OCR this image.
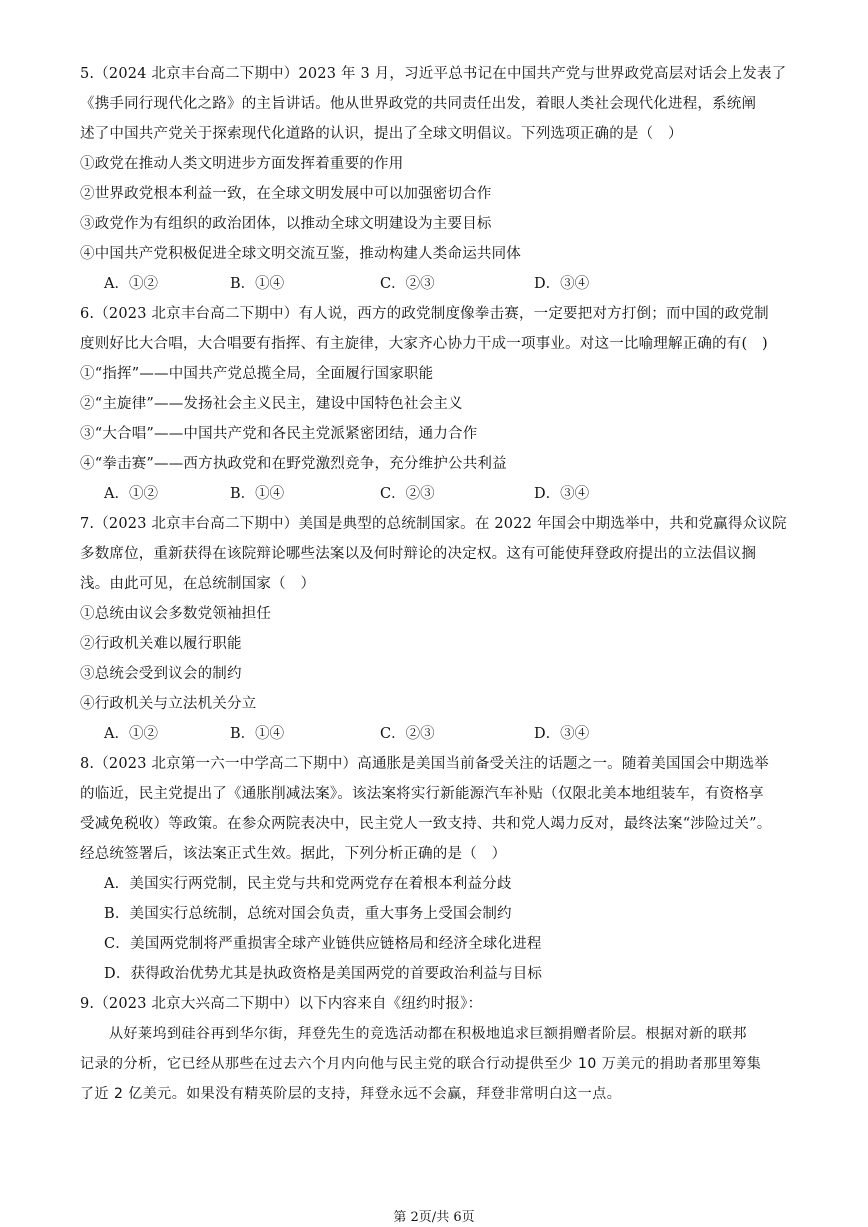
5.（2024 北京丰台高二下期中）2023 年 3 月，习近平总书记在中国共产党与世界政党高层对话会上发表了
《携手同行现代化之路》的主旨讲话。他从世界政党的共同责任出发，着眼人类社会现代化进程，系统阐
述了中国共产党关于探索现代化道路的认识，提出了全球文明倡议。下列选项正确的是（　）
①政党在推动人类文明进步方面发挥着重要的作用
②世界政党根本利益一致，在全球文明发展中可以加强密切合作
③政党作为有组织的政治团体，以推动全球文明建设为主要目标
④中国共产党积极促进全球文明交流互鉴，推动构建人类命运共同体
A．①②	B．①④	C．②③	D．③④
6.（2023 北京丰台高二下期中）有人说，西方的政党制度像拳击赛，一定要把对方打倒；而中国的政党制
度则好比大合唱，大合唱要有指挥、有主旋律，大家齐心协力干成一项事业。对这一比喻理解正确的有(　)
①“指挥”——中国共产党总揽全局，全面履行国家职能
②“主旋律”——发扬社会主义民主，建设中国特色社会主义
③“大合唱”——中国共产党和各民主党派紧密团结，通力合作
④“拳击赛”——西方执政党和在野党激烈竞争，充分维护公共利益
A．①②	B．①④	C．②③	D．③④
7.（2023 北京丰台高二下期中）美国是典型的总统制国家。在 2022 年国会中期选举中，共和党赢得众议院
多数席位，重新获得在该院辩论哪些法案以及何时辩论的决定权。这有可能使拜登政府提出的立法倡议搁
浅。由此可见，在总统制国家（　）
①总统由议会多数党领袖担任
②行政机关难以履行职能
③总统会受到议会的制约
④行政机关与立法机关分立
A．①②	B．①④	C．②③	D．③④
8.（2023 北京第一六一中学高二下期中）高通胀是美国当前备受关注的话题之一。随着美国国会中期选举
的临近，民主党提出了《通胀削减法案》。该法案将实行新能源汽车补贴（仅限北美本地组装车，有资格享
受减免税收）等政策。在参众两院表决中，民主党人一致支持、共和党人竭力反对，最终法案“涉险过关”。
经总统签署后，该法案正式生效。据此，下列分析正确的是（　）
A．美国实行两党制，民主党与共和党两党存在着根本利益分歧
B．美国实行总统制，总统对国会负责，重大事务上受国会制约
C．美国两党制将严重损害全球产业链供应链格局和经济全球化进程
D．获得政治优势尤其是执政资格是美国两党的首要政治利益与目标
9.（2023 北京大兴高二下期中）以下内容来自《纽约时报》：
　　从好莱坞到硅谷再到华尔街，拜登先生的竞选活动都在积极地追求巨额捐赠者阶层。根据对新的联邦
记录的分析，它已经从那些在过去六个月内向他与民主党的联合行动提供至少 10 万美元的捐助者那里筹集
了近 2 亿美元。如果没有精英阶层的支持，拜登永远不会赢，拜登非常明白这一点。
第 2页/共 6页
